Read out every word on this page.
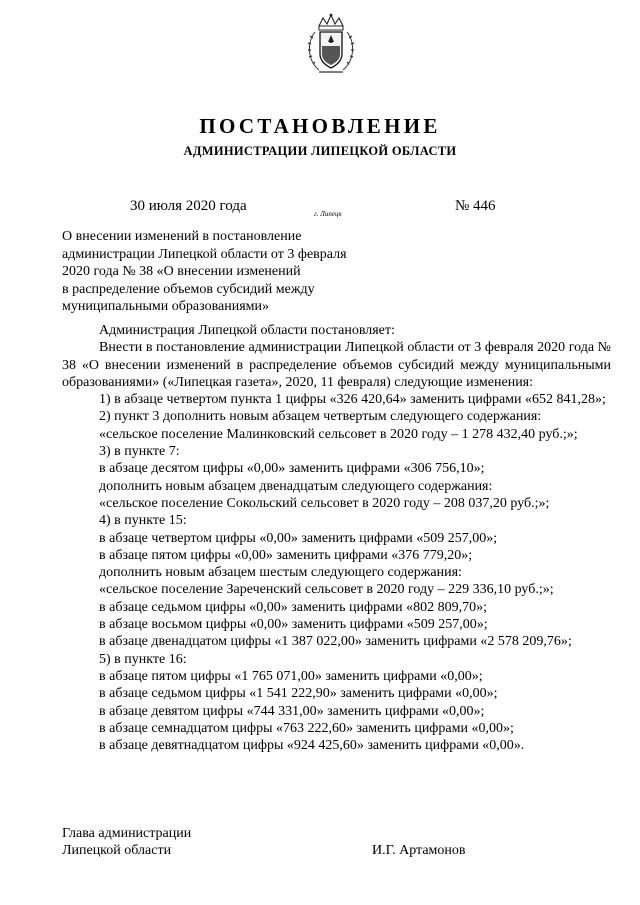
ПОСТАНОВЛЕНИЕ
АДМИНИСТРАЦИИ ЛИПЕЦКОЙ ОБЛАСТИ
30 июля 2020 года	г. Липецк	№ 446
О внесении изменений в постановление
администрации Липецкой области от 3 февраля
2020 года № 38 «О внесении изменений
в распределение объемов субсидий между
муниципальными образованиями»

Администрация Липецкой области постановляет:

Внести в постановление администрации Липецкой области от 3 февраля 2020 года № 38 «О внесении изменений в распределение объемов субсидий между муниципальными образованиями» («Липецкая газета», 2020, 11 февраля) следующие изменения:

1) в абзаце четвертом пункта 1 цифры «326 420,64» заменить цифрами «652 841,28»;

2) пункт 3 дополнить новым абзацем четвертым следующего содержания:

«сельское поселение Малинковский сельсовет в 2020 году – 1 278 432,40 руб.;»;

3) в пункте 7:

в абзаце десятом цифры «0,00» заменить цифрами «306 756,10»;

дополнить новым абзацем двенадцатым следующего содержания:

«сельское поселение Сокольский сельсовет в 2020 году – 208 037,20 руб.;»;

4) в пункте 15:

в абзаце четвертом цифры «0,00» заменить цифрами «509 257,00»;

в абзаце пятом цифры «0,00» заменить цифрами «376 779,20»;

дополнить новым абзацем шестым следующего содержания:

«сельское поселение Зареченский сельсовет в 2020 году – 229 336,10 руб.;»;

в абзаце седьмом цифры «0,00» заменить цифрами «802 809,70»;

в абзаце восьмом цифры «0,00» заменить цифрами «509 257,00»;

в абзаце двенадцатом цифры «1 387 022,00» заменить цифрами «2 578 209,76»;

5) в пункте 16:

в абзаце пятом цифры «1 765 071,00» заменить цифрами «0,00»;

в абзаце седьмом цифры «1 541 222,90» заменить цифрами «0,00»;

в абзаце девятом цифры «744 331,00» заменить цифрами «0,00»;

в абзаце семнадцатом цифры «763 222,60» заменить цифрами «0,00»;

в абзаце девятнадцатом цифры «924 425,60» заменить цифрами «0,00».

Глава администрации
Липецкой области	И.Г. Артамонов
